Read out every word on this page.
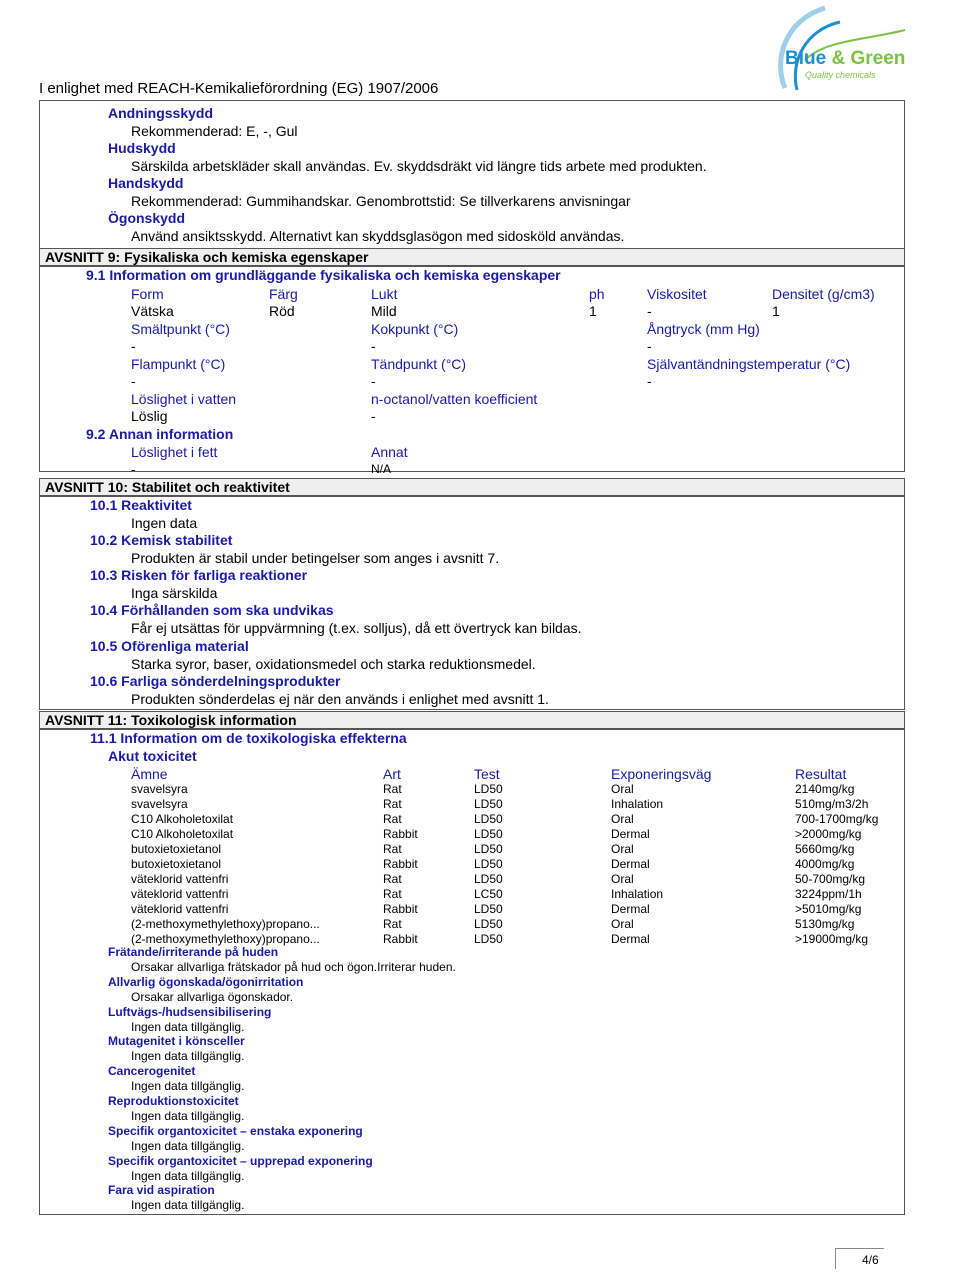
I enlighet med REACH-Kemikalieförordning (EG) 1907/2006
Blue & Green
Quality chemicals
Andningsskydd
Rekommenderad: E, -, Gul
Hudskydd
Särskilda arbetskläder skall användas. Ev. skyddsdräkt vid längre tids arbete med produkten.
Handskydd
Rekommenderad: Gummihandskar. Genombrottstid: Se tillverkarens anvisningar
Ögonskydd
Använd ansiktsskydd. Alternativt kan skyddsglasögon med sidosköld användas.
AVSNITT 9: Fysikaliska och kemiska egenskaper
9.1 Information om grundläggande fysikaliska och kemiska egenskaper
Form	Färg	Lukt	ph	Viskositet	Densitet (g/cm3)
Vätska	Röd	Mild	1	-	1
Smältpunkt (°C)	Kokpunkt (°C)	Ångtryck (mm Hg)
-	-	-
Flampunkt (°C)	Tändpunkt (°C)	Självantändningstemperatur (°C)
-	-	-
Löslighet i vatten	n-octanol/vatten koefficient
Löslig	-
9.2 Annan information
Löslighet i fett	Annat
-	N/A
AVSNITT 10: Stabilitet och reaktivitet
10.1 Reaktivitet
Ingen data
10.2 Kemisk stabilitet
Produkten är stabil under betingelser som anges i avsnitt 7.
10.3 Risken för farliga reaktioner
Inga särskilda
10.4 Förhållanden som ska undvikas
Får ej utsättas för uppvärmning (t.ex. solljus), då ett övertryck kan bildas.
10.5 Oförenliga material
Starka syror, baser, oxidationsmedel och starka reduktionsmedel.
10.6 Farliga sönderdelningsprodukter
Produkten sönderdelas ej när den används i enlighet med avsnitt 1.
AVSNITT 11: Toxikologisk information
11.1 Information om de toxikologiska effekterna
Akut toxicitet
Ämne	Art	Test	Exponeringsväg	Resultat
svavelsyra	Rat	LD50	Oral	2140mg/kg
svavelsyra	Rat	LD50	Inhalation	510mg/m3/2h
C10 Alkoholetoxilat	Rat	LD50	Oral	700-1700mg/kg
C10 Alkoholetoxilat	Rabbit	LD50	Dermal	>2000mg/kg
butoxietoxietanol	Rat	LD50	Oral	5660mg/kg
butoxietoxietanol	Rabbit	LD50	Dermal	4000mg/kg
väteklorid vattenfri	Rat	LD50	Oral	50-700mg/kg
väteklorid vattenfri	Rat	LC50	Inhalation	3224ppm/1h
väteklorid vattenfri	Rabbit	LD50	Dermal	>5010mg/kg
(2-methoxymethylethoxy)propano...	Rat	LD50	Oral	5130mg/kg
(2-methoxymethylethoxy)propano...	Rabbit	LD50	Dermal	>19000mg/kg
Frätande/irriterande på huden
Orsakar allvarliga frätskador på hud och ögon.Irriterar huden.
Allvarlig ögonskada/ögonirritation
Orsakar allvarliga ögonskador.
Luftvägs-/hudsensibilisering
Ingen data tillgänglig.
Mutagenitet i könsceller
Ingen data tillgänglig.
Cancerogenitet
Ingen data tillgänglig.
Reproduktionstoxicitet
Ingen data tillgänglig.
Specifik organtoxicitet – enstaka exponering
Ingen data tillgänglig.
Specifik organtoxicitet – upprepad exponering
Ingen data tillgänglig.
Fara vid aspiration
Ingen data tillgänglig.
4/6
